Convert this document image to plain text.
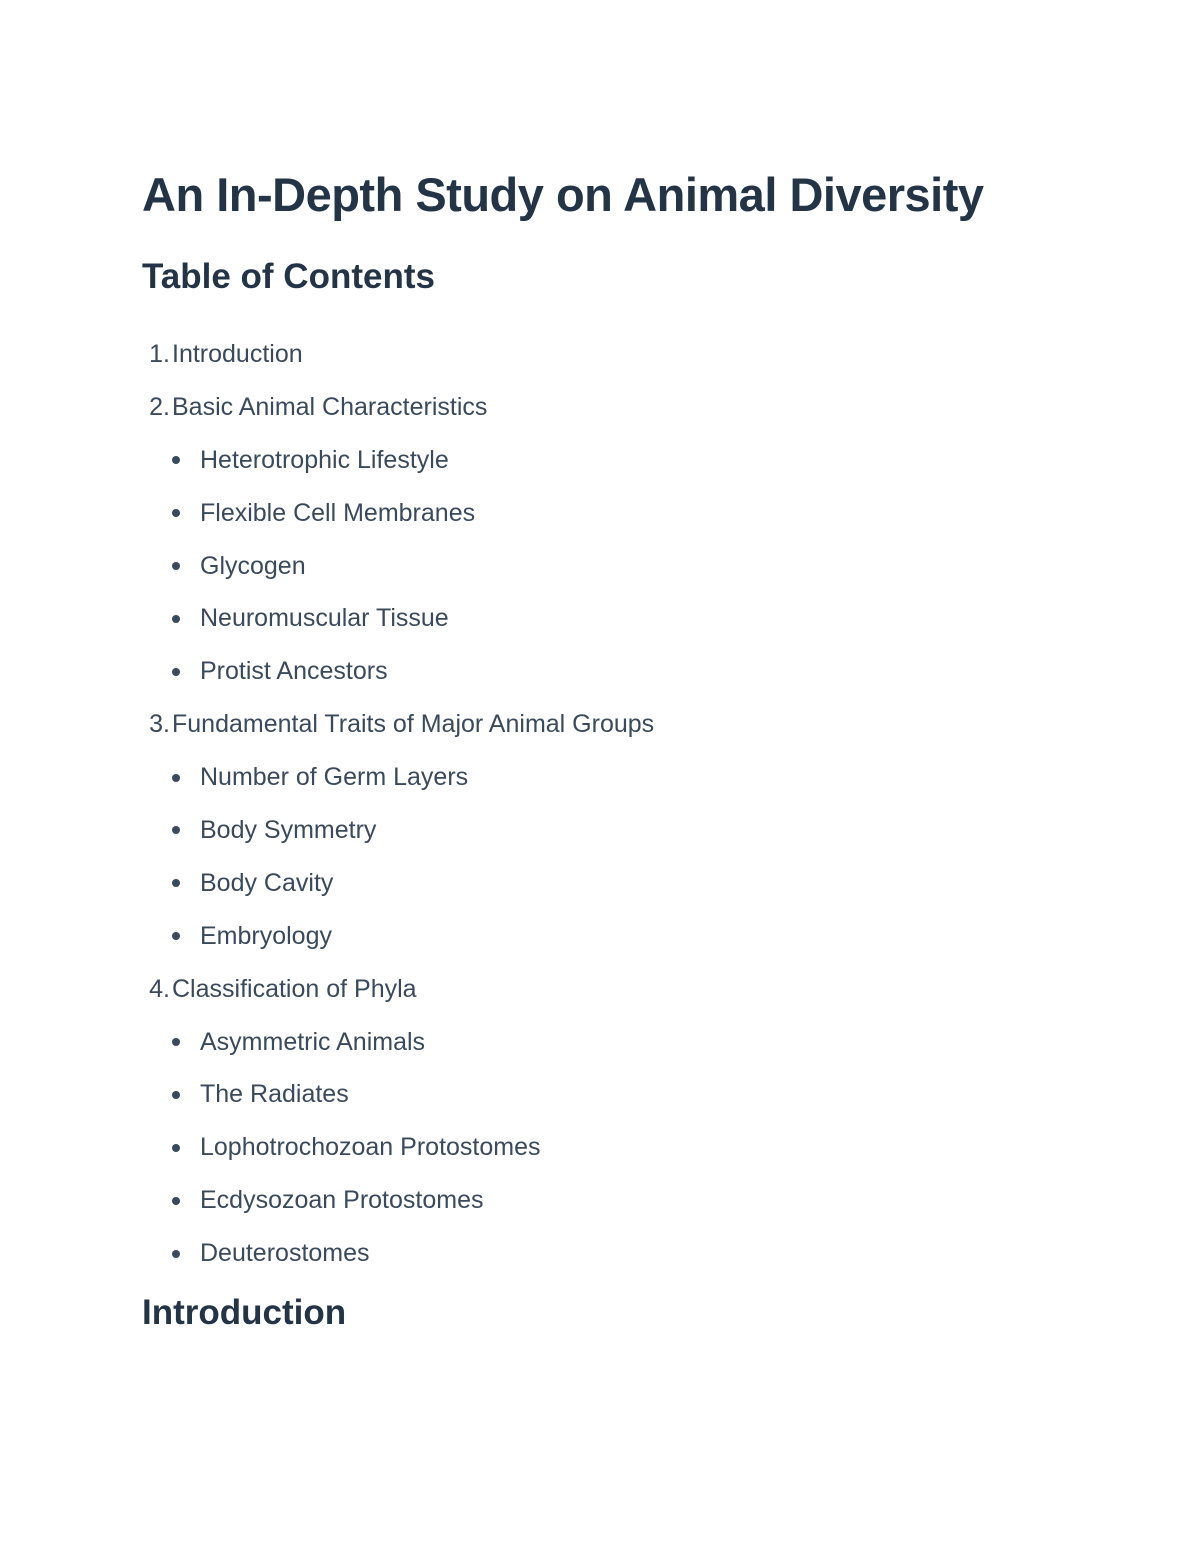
An In-Depth Study on Animal Diversity
Table of Contents
1. Introduction
2. Basic Animal Characteristics
Heterotrophic Lifestyle
Flexible Cell Membranes
Glycogen
Neuromuscular Tissue
Protist Ancestors
3. Fundamental Traits of Major Animal Groups
Number of Germ Layers
Body Symmetry
Body Cavity
Embryology
4. Classification of Phyla
Asymmetric Animals
The Radiates
Lophotrochozoan Protostomes
Ecdysozoan Protostomes
Deuterostomes
Introduction
